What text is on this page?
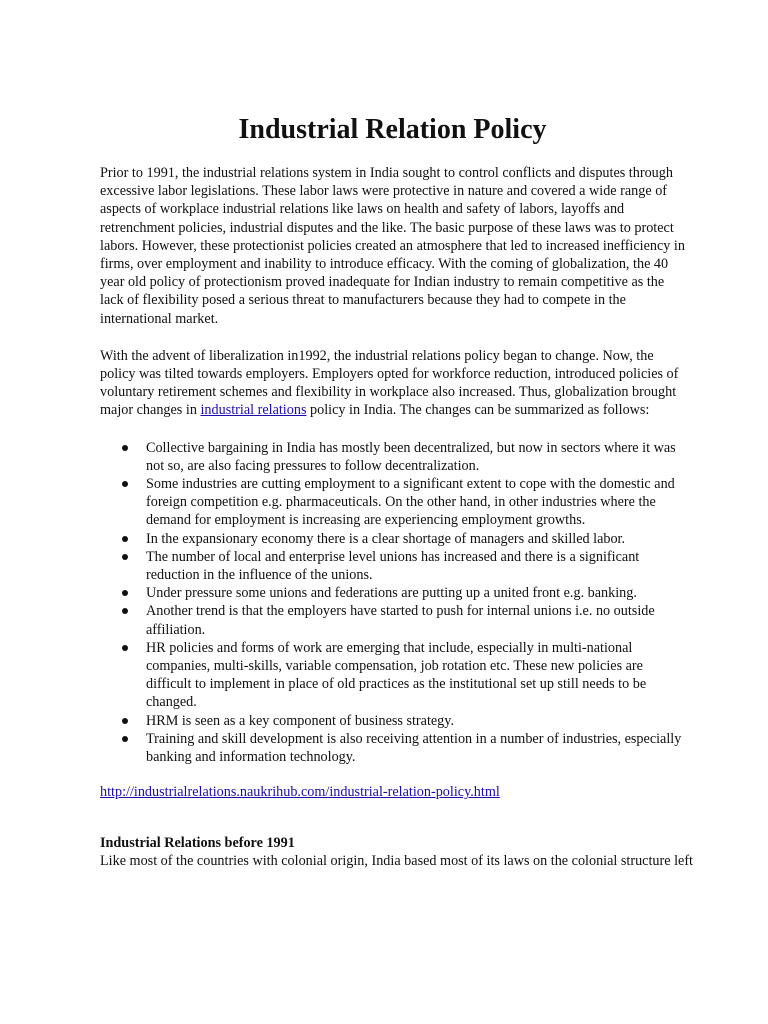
Industrial Relation Policy

Prior to 1991, the industrial relations system in India sought to control conflicts and disputes through excessive labor legislations. These labor laws were protective in nature and covered a wide range of aspects of workplace industrial relations like laws on health and safety of labors, layoffs and retrenchment policies, industrial disputes and the like. The basic purpose of these laws was to protect labors. However, these protectionist policies created an atmosphere that led to increased inefficiency in firms, over employment and inability to introduce efficacy. With the coming of globalization, the 40 year old policy of protectionism proved inadequate for Indian industry to remain competitive as the lack of flexibility posed a serious threat to manufacturers because they had to compete in the international market.

With the advent of liberalization in1992, the industrial relations policy began to change. Now, the policy was tilted towards employers. Employers opted for workforce reduction, introduced policies of voluntary retirement schemes and flexibility in workplace also increased. Thus, globalization brought major changes in industrial relations policy in India. The changes can be summarized as follows:

Collective bargaining in India has mostly been decentralized, but now in sectors where it was not so, are also facing pressures to follow decentralization.
Some industries are cutting employment to a significant extent to cope with the domestic and foreign competition e.g. pharmaceuticals. On the other hand, in other industries where the demand for employment is increasing are experiencing employment growths.
In the expansionary economy there is a clear shortage of managers and skilled labor.
The number of local and enterprise level unions has increased and there is a significant reduction in the influence of the unions.
Under pressure some unions and federations are putting up a united front e.g. banking.
Another trend is that the employers have started to push for internal unions i.e. no outside affiliation.
HR policies and forms of work are emerging that include, especially in multi-national companies, multi-skills, variable compensation, job rotation etc. These new policies are difficult to implement in place of old practices as the institutional set up still needs to be changed.
HRM is seen as a key component of business strategy.
Training and skill development is also receiving attention in a number of industries, especially banking and information technology.

http://industrialrelations.naukrihub.com/industrial-relation-policy.html

Industrial Relations before 1991

Like most of the countries with colonial origin, India based most of its laws on the colonial structure left
